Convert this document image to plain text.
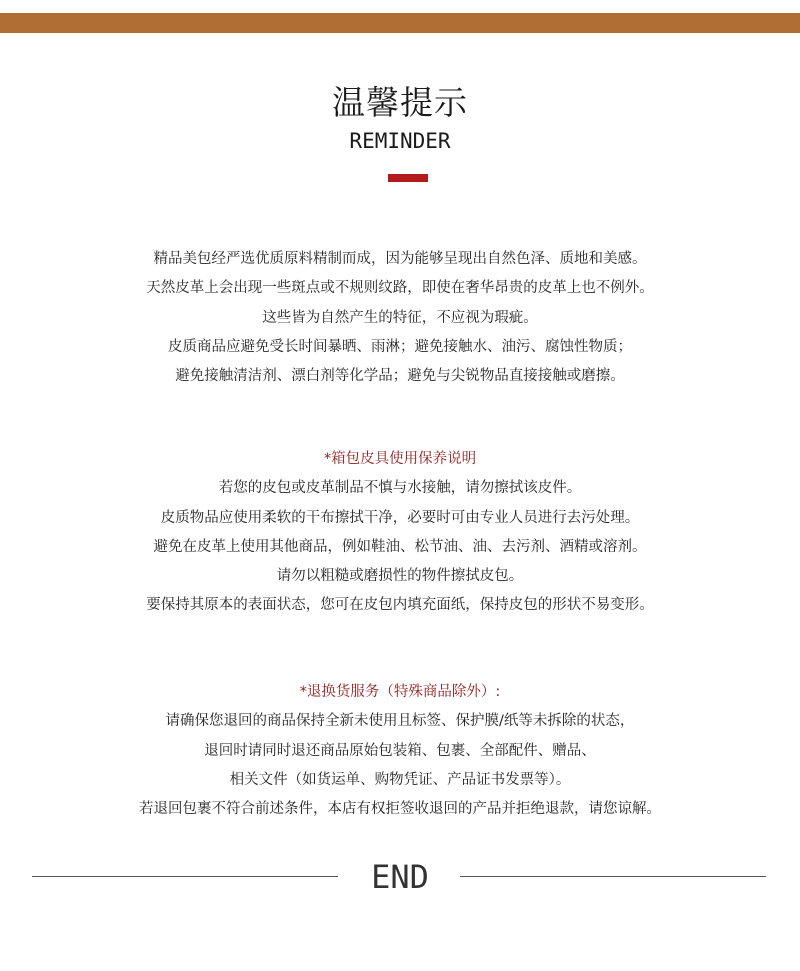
温馨提示
REMINDER
精品美包经严选优质原料精制而成，因为能够呈现出自然色泽、质地和美感。
天然皮革上会出现一些斑点或不规则纹路，即使在奢华昂贵的皮革上也不例外。
这些皆为自然产生的特征，不应视为瑕疵。
皮质商品应避免受长时间暴晒、雨淋；避免接触水、油污、腐蚀性物质；
避免接触清洁剂、漂白剂等化学品；避免与尖锐物品直接接触或磨擦。
*箱包皮具使用保养说明
若您的皮包或皮革制品不慎与水接触，请勿擦拭该皮件。
皮质物品应使用柔软的干布擦拭干净，必要时可由专业人员进行去污处理。
避免在皮革上使用其他商品，例如鞋油、松节油、油、去污剂、酒精或溶剂。
请勿以粗糙或磨损性的物件擦拭皮包。
要保持其原本的表面状态，您可在皮包内填充面纸，保持皮包的形状不易变形。
*退换货服务（特殊商品除外）:
请确保您退回的商品保持全新未使用且标签、保护膜/纸等未拆除的状态，
退回时请同时退还商品原始包装箱、包裹、全部配件、赠品、
相关文件（如货运单、购物凭证、产品证书发票等）。
若退回包裹不符合前述条件，本店有权拒签收退回的产品并拒绝退款，请您谅解。
END
